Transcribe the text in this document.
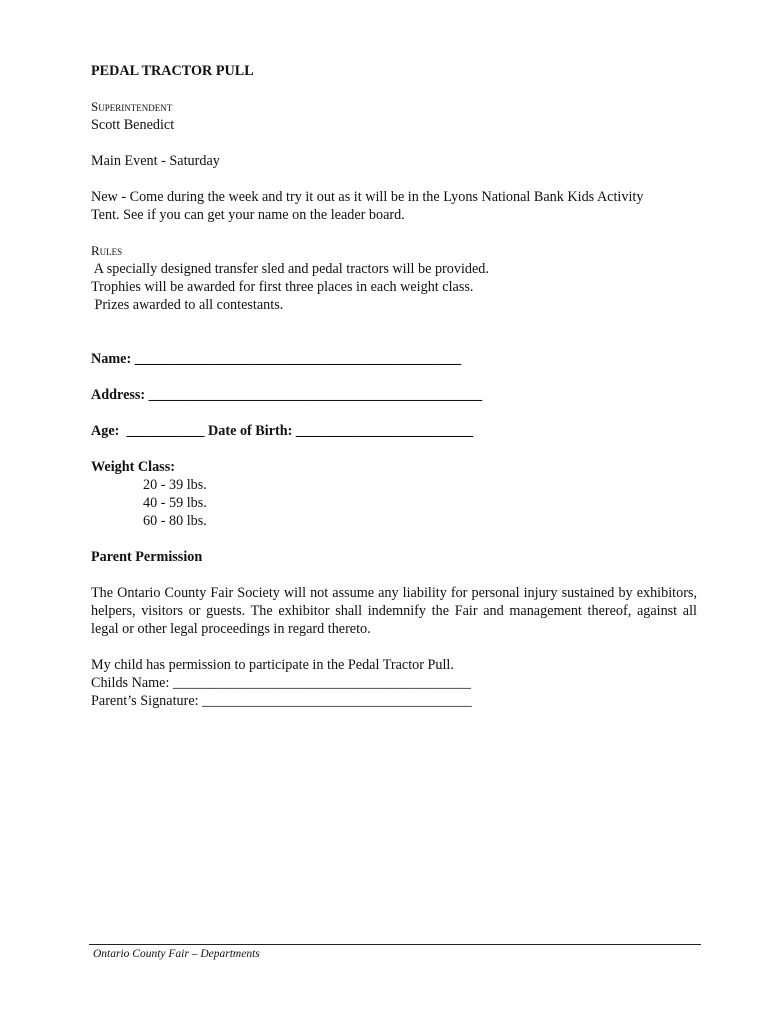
PEDAL TRACTOR PULL
Superintendent
Scott Benedict
Main Event - Saturday
New - Come during the week and try it out as it will be in the Lyons National Bank Kids Activity
Tent. See if you can get your name on the leader board.
Rules
A specially designed transfer sled and pedal tractors will be provided.
Trophies will be awarded for first three places in each weight class.
Prizes awarded to all contestants.
Name: ______________________________________________
Address: _______________________________________________
Age:  ___________ Date of Birth: _________________________
Weight Class:
20 - 39 lbs.
40 - 59 lbs.
60 - 80 lbs.
Parent Permission
The Ontario County Fair Society will not assume any liability for personal injury sustained by exhibitors, helpers, visitors or guests. The exhibitor shall indemnify the Fair and management thereof, against all legal or other legal proceedings in regard thereto.
My child has permission to participate in the Pedal Tractor Pull.
Childs Name: __________________________________________
Parent’s Signature: ______________________________________
Ontario County Fair – Departments
